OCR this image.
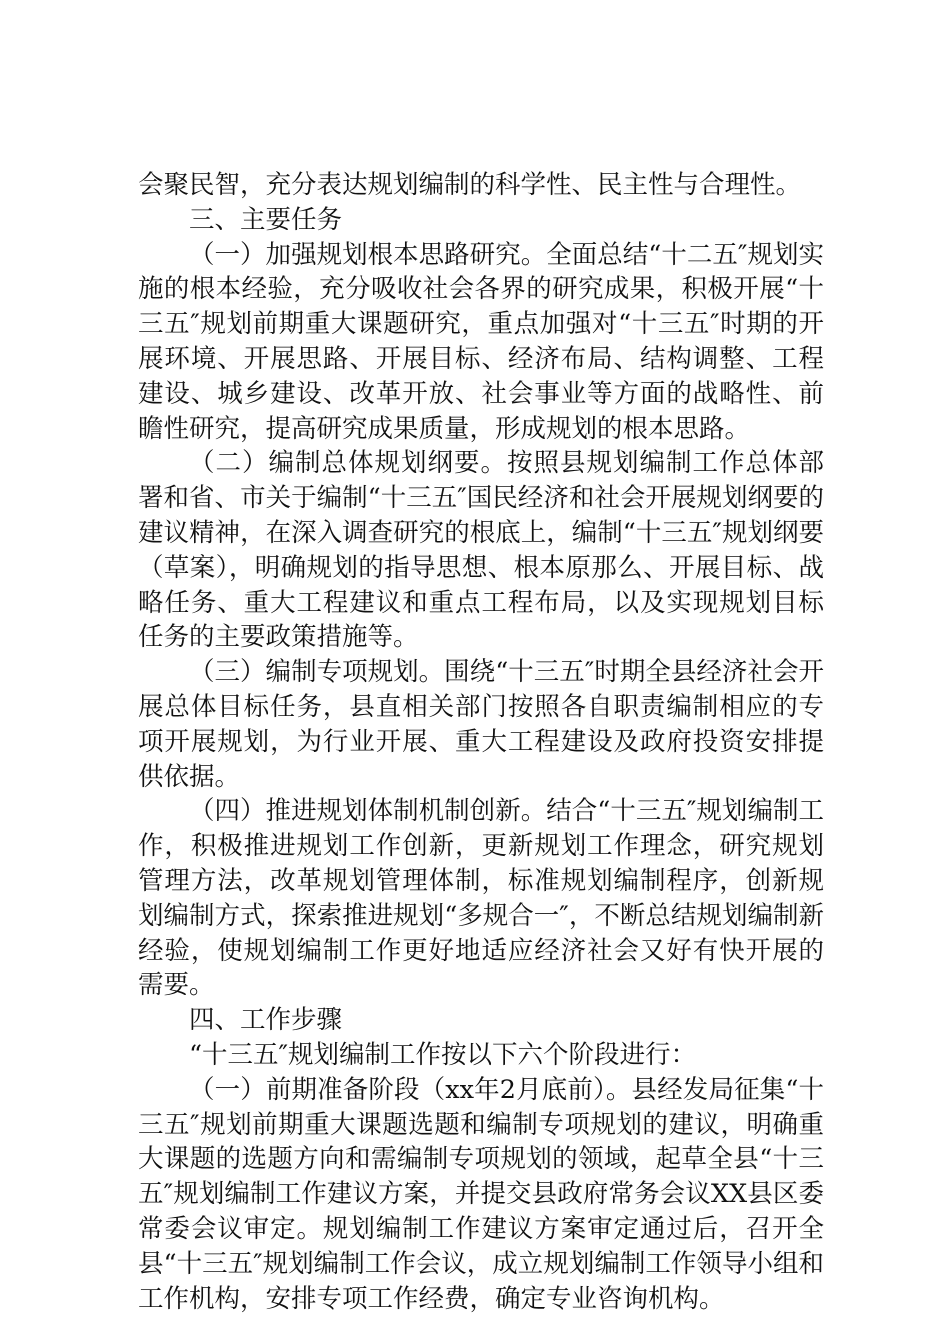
会聚民智，充分表达规划编制的科学性、民主性与合理性。

三、主要任务

（一）加强规划根本思路研究。全面总结“十二五″规划实施的根本经验，充分吸收社会各界的研究成果，积极开展“十三五″规划前期重大课题研究，重点加强对“十三五″时期的开展环境、开展思路、开展目标、经济布局、结构调整、工程建设、城乡建设、改革开放、社会事业等方面的战略性、前瞻性研究，提高研究成果质量，形成规划的根本思路。

（二）编制总体规划纲要。按照县规划编制工作总体部署和省、市关于编制“十三五″国民经济和社会开展规划纲要的建议精神，在深入调查研究的根底上，编制“十三五″规划纲要（草案），明确规划的指导思想、根本原那么、开展目标、战略任务、重大工程建议和重点工程布局，以及实现规划目标任务的主要政策措施等。

（三）编制专项规划。围绕“十三五″时期全县经济社会开展总体目标任务，县直相关部门按照各自职责编制相应的专项开展规划，为行业开展、重大工程建设及政府投资安排提供依据。

（四）推进规划体制机制创新。结合“十三五″规划编制工作，积极推进规划工作创新，更新规划工作理念，研究规划管理方法，改革规划管理体制，标准规划编制程序，创新规划编制方式，探索推进规划“多规合一″，不断总结规划编制新经验，使规划编制工作更好地适应经济社会又好有快开展的需要。

四、工作步骤

“十三五″规划编制工作按以下六个阶段进行：

（一）前期准备阶段（xx年2月底前）。县经发局征集“十三五″规划前期重大课题选题和编制专项规划的建议，明确重大课题的选题方向和需编制专项规划的领域，起草全县“十三五″规划编制工作建议方案，并提交县政府常务会议XX县区委常委会议审定。规划编制工作建议方案审定通过后，召开全县“十三五″规划编制工作会议，成立规划编制工作领导小组和工作机构，安排专项工作经费，确定专业咨询机构。
